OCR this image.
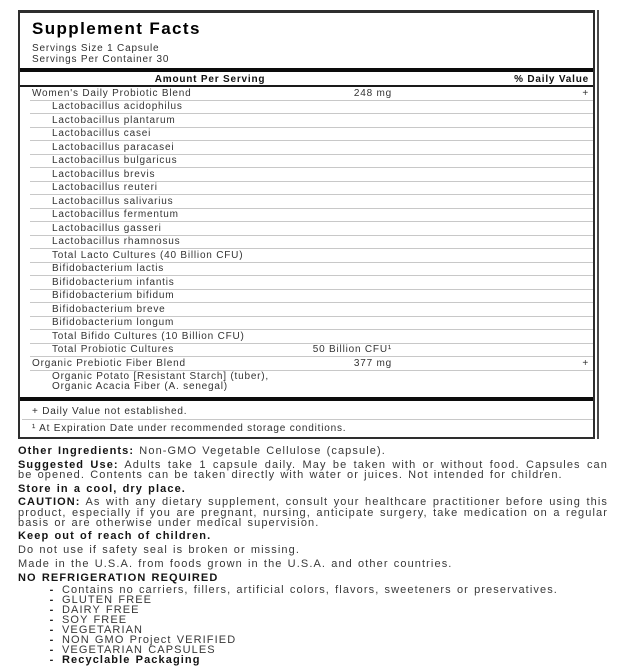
Supplement Facts
Servings Size 1 Capsule
Servings Per Container 30
Amount Per Serving	% Daily Value
Women's Daily Probiotic Blend	248 mg	+
Lactobacillus acidophilus
Lactobacillus plantarum
Lactobacillus casei
Lactobacillus paracasei
Lactobacillus bulgaricus
Lactobacillus brevis
Lactobacillus reuteri
Lactobacillus salivarius
Lactobacillus fermentum
Lactobacillus gasseri
Lactobacillus rhamnosus
Total Lacto Cultures (40 Billion CFU)
Bifidobacterium lactis
Bifidobacterium infantis
Bifidobacterium bifidum
Bifidobacterium breve
Bifidobacterium longum
Total Bifido Cultures (10 Billion CFU)
Total Probiotic Cultures	50 Billion CFU¹
Organic Prebiotic Fiber Blend	377 mg	+
Organic Potato [Resistant Starch] (tuber),
Organic Acacia Fiber (A. senegal)
+ Daily Value not established.
¹ At Expiration Date under recommended storage conditions.
Other Ingredients: Non-GMO Vegetable Cellulose (capsule).
Suggested Use: Adults take 1 capsule daily. May be taken with or without food. Capsules can be opened. Contents can be taken directly with water or juices. Not intended for children.
Store in a cool, dry place.
CAUTION: As with any dietary supplement, consult your healthcare practitioner before using this product, especially if you are pregnant, nursing, anticipate surgery, take medication on a regular basis or are otherwise under medical supervision.
Keep out of reach of children.
Do not use if safety seal is broken or missing.
Made in the U.S.A. from foods grown in the U.S.A. and other countries.
NO REFRIGERATION REQUIRED
- Contains no carriers, fillers, artificial colors, flavors, sweeteners or preservatives.
- GLUTEN FREE
- DAIRY FREE
- SOY FREE
- VEGETARIAN
- NON GMO Project VERIFIED
- VEGETARIAN CAPSULES
- Recyclable Packaging
